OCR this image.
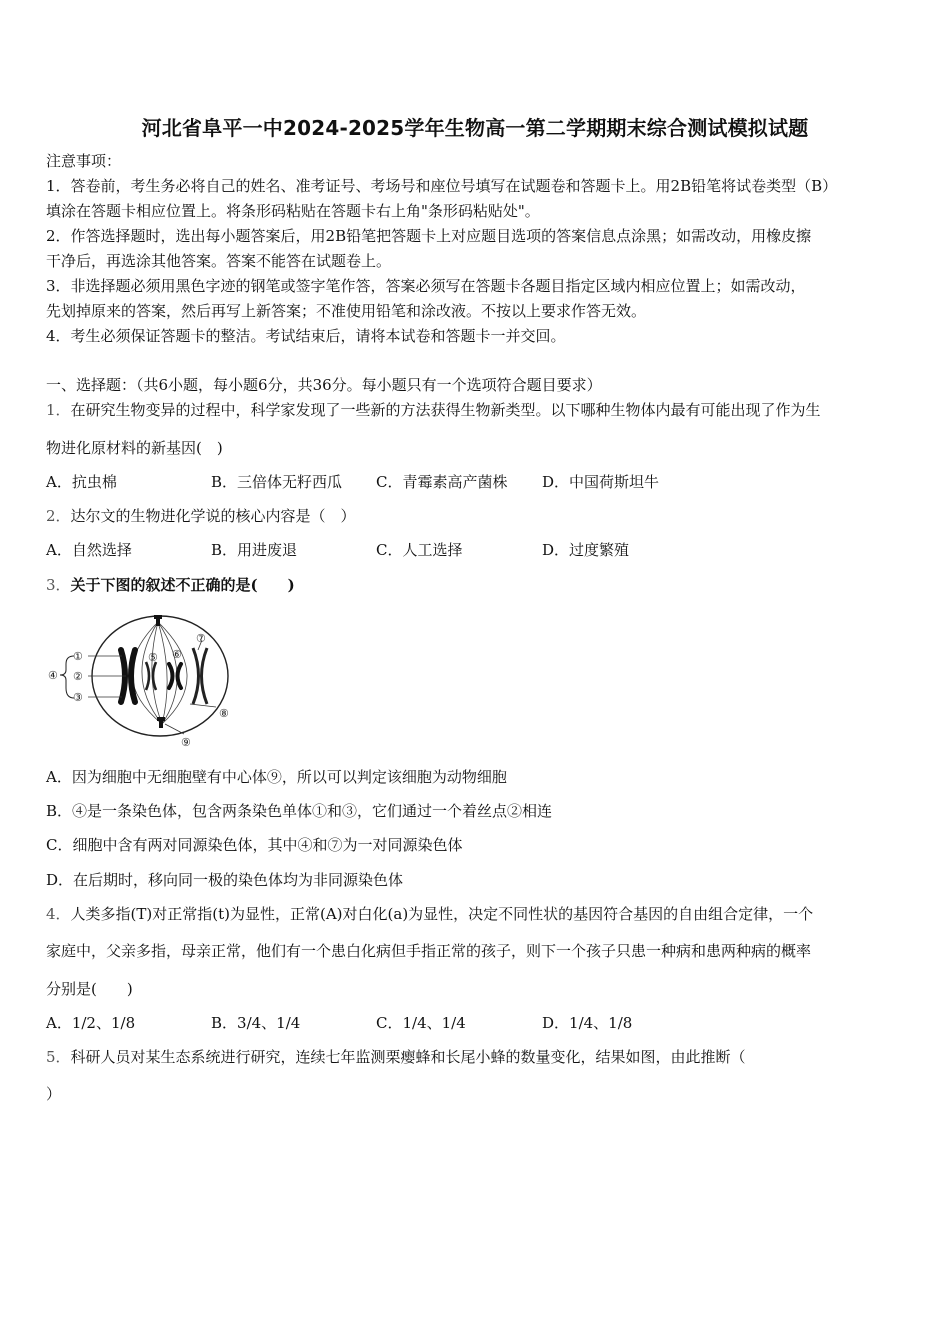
河北省阜平一中2024-2025学年生物高一第二学期期末综合测试模拟试题
注意事项：
1．答卷前，考生务必将自己的姓名、准考证号、考场号和座位号填写在试题卷和答题卡上。用2B铅笔将试卷类型（B）
填涂在答题卡相应位置上。将条形码粘贴在答题卡右上角"条形码粘贴处"。
2．作答选择题时，选出每小题答案后，用2B铅笔把答题卡上对应题目选项的答案信息点涂黑；如需改动，用橡皮擦
干净后，再选涂其他答案。答案不能答在试题卷上。
3．非选择题必须用黑色字迹的钢笔或签字笔作答，答案必须写在答题卡各题目指定区域内相应位置上；如需改动，
先划掉原来的答案，然后再写上新答案；不准使用铅笔和涂改液。不按以上要求作答无效。
4．考生必须保证答题卡的整洁。考试结束后，请将本试卷和答题卡一并交回。
一、选择题：（共6小题，每小题6分，共36分。每小题只有一个选项符合题目要求）
1．在研究生物变异的过程中，科学家发现了一些新的方法获得生物新类型。以下哪种生物体内最有可能出现了作为生
物进化原材料的新基因(　)
A．抗虫棉	B．三倍体无籽西瓜 C．青霉素高产菌株 D．中国荷斯坦牛
2．达尔文的生物进化学说的核心内容是（　）
A．自然选择	B．用进废退	C．人工选择	D．过度繁殖
3．关于下图的叙述不正确的是(　　)
①
②
③
④
⑤ ⑥
⑦
⑧
⑨
A．因为细胞中无细胞壁有中心体⑨，所以可以判定该细胞为动物细胞
B．④是一条染色体，包含两条染色单体①和③，它们通过一个着丝点②相连
C．细胞中含有两对同源染色体，其中④和⑦为一对同源染色体
D．在后期时，移向同一极的染色体均为非同源染色体
4．人类多指(T)对正常指(t)为显性，正常(A)对白化(a)为显性，决定不同性状的基因符合基因的自由组合定律，一个
家庭中，父亲多指，母亲正常，他们有一个患白化病但手指正常的孩子，则下一个孩子只患一种病和患两种病的概率
分别是(　　)
A．1/2、1/8	B．3/4、1/4	C．1/4、1/4	D．1/4、1/8
5．科研人员对某生态系统进行研究，连续七年监测栗瘿蜂和长尾小蜂的数量变化，结果如图，由此推断（
）
